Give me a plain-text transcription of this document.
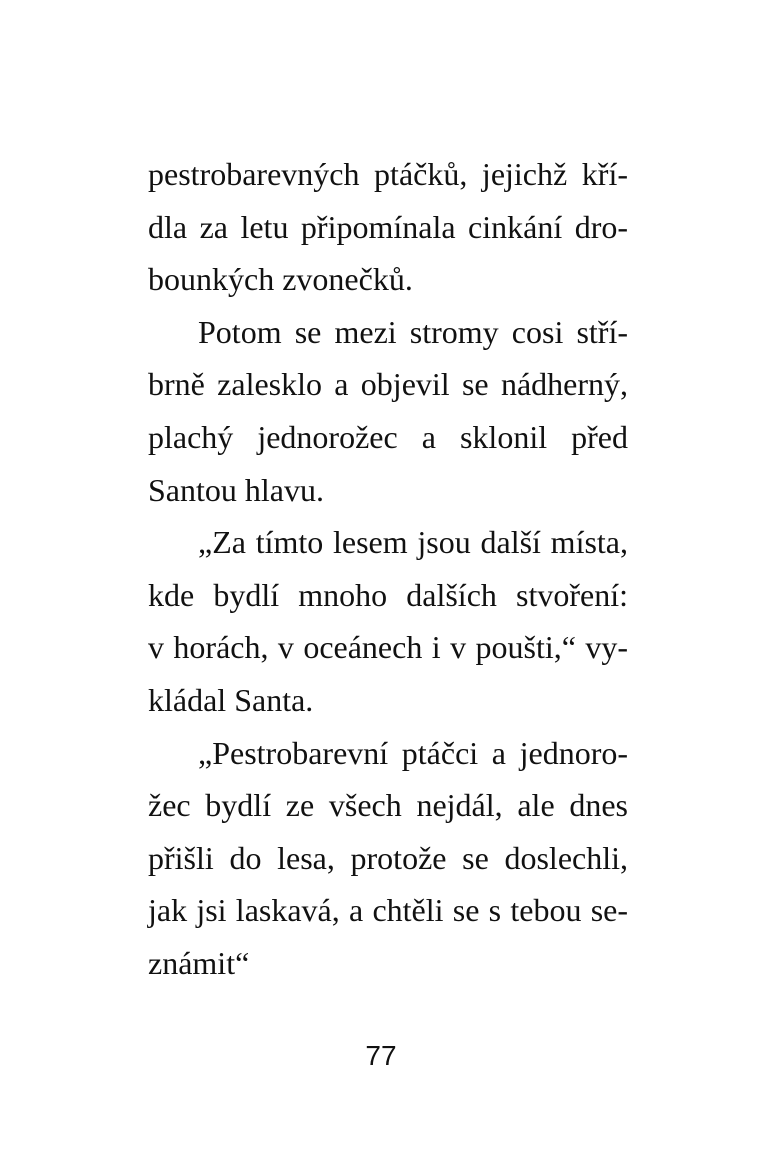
pestrobarevných ptáčků, jejichž kří-
dla za letu připomínala cinkání dro-
bounkých zvonečků.
Potom se mezi stromy cosi stří-
brně zalesklo a objevil se nádherný,
plachý jednorožec a sklonil před
Santou hlavu.
„Za tímto lesem jsou další místa,
kde bydlí mnoho dalších stvoření:
v horách, v oceánech i v poušti,“ vy-
kládal Santa.
„Pestrobarevní ptáčci a jednoro-
žec bydlí ze všech nejdál, ale dnes
přišli do lesa, protože se doslechli,
jak jsi laskavá, a chtěli se s tebou se-
známit“
77
